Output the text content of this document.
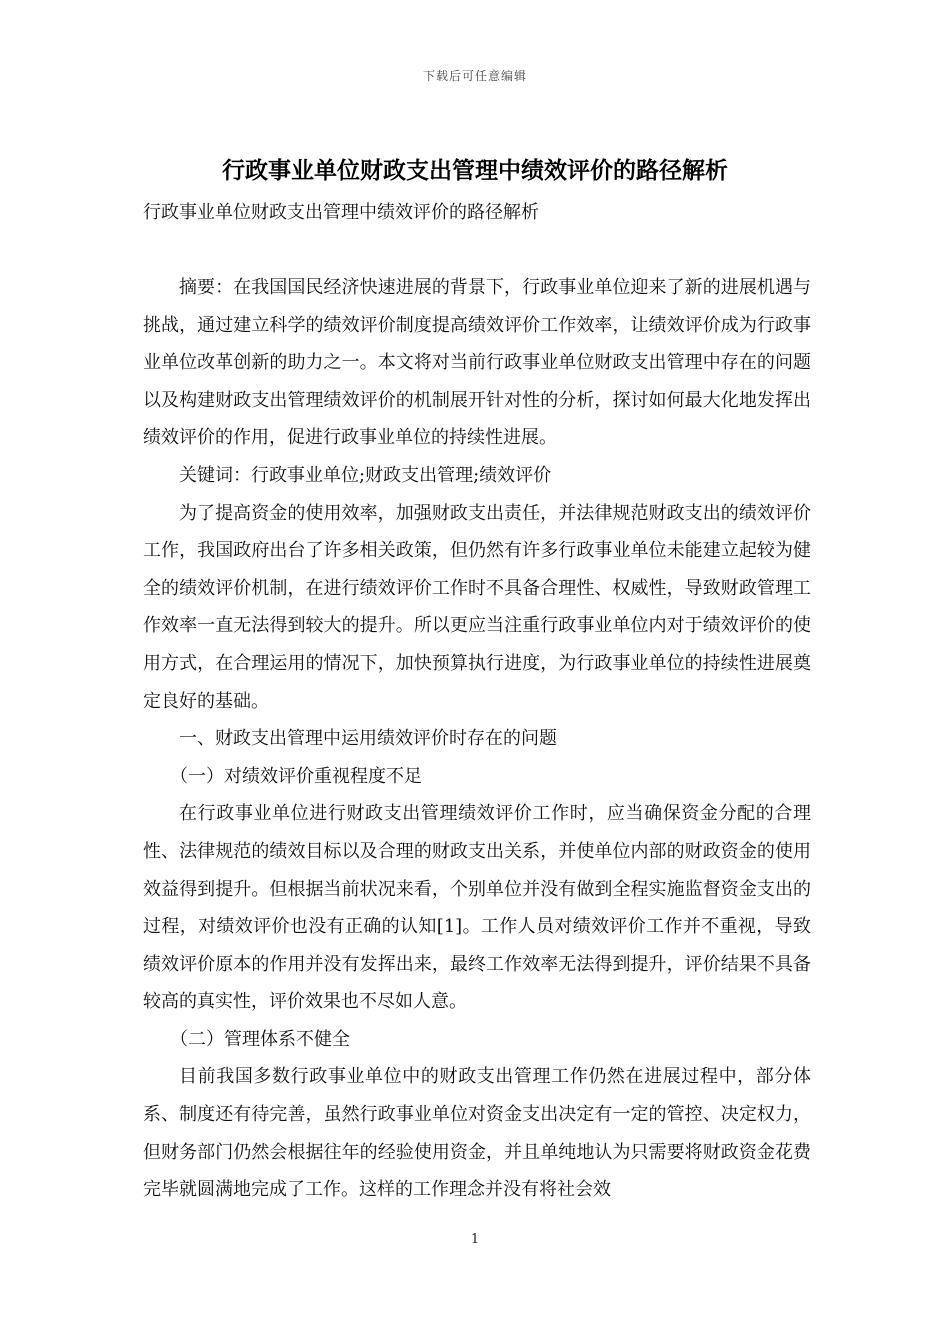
下载后可任意编辑
行政事业单位财政支出管理中绩效评价的路径解析
行政事业单位财政支出管理中绩效评价的路径解析

摘要：在我国国民经济快速进展的背景下，行政事业单位迎来了新的进展机遇与挑战，通过建立科学的绩效评价制度提高绩效评价工作效率，让绩效评价成为行政事业单位改革创新的助力之一。本文将对当前行政事业单位财政支出管理中存在的问题以及构建财政支出管理绩效评价的机制展开针对性的分析，探讨如何最大化地发挥出绩效评价的作用，促进行政事业单位的持续性进展。

关键词：行政事业单位;财政支出管理;绩效评价

为了提高资金的使用效率，加强财政支出责任，并法律规范财政支出的绩效评价工作，我国政府出台了许多相关政策，但仍然有许多行政事业单位未能建立起较为健全的绩效评价机制，在进行绩效评价工作时不具备合理性、权威性，导致财政管理工作效率一直无法得到较大的提升。所以更应当注重行政事业单位内对于绩效评价的使用方式，在合理运用的情况下，加快预算执行进度，为行政事业单位的持续性进展奠定良好的基础。

一、财政支出管理中运用绩效评价时存在的问题

（一）对绩效评价重视程度不足

在行政事业单位进行财政支出管理绩效评价工作时，应当确保资金分配的合理性、法律规范的绩效目标以及合理的财政支出关系，并使单位内部的财政资金的使用效益得到提升。但根据当前状况来看，个别单位并没有做到全程实施监督资金支出的过程，对绩效评价也没有正确的认知[1]。工作人员对绩效评价工作并不重视，导致绩效评价原本的作用并没有发挥出来，最终工作效率无法得到提升，评价结果不具备较高的真实性，评价效果也不尽如人意。

（二）管理体系不健全

目前我国多数行政事业单位中的财政支出管理工作仍然在进展过程中，部分体系、制度还有待完善，虽然行政事业单位对资金支出决定有一定的管控、决定权力，但财务部门仍然会根据往年的经验使用资金，并且单纯地认为只需要将财政资金花费完毕就圆满地完成了工作。这样的工作理念并没有将社会效

1
